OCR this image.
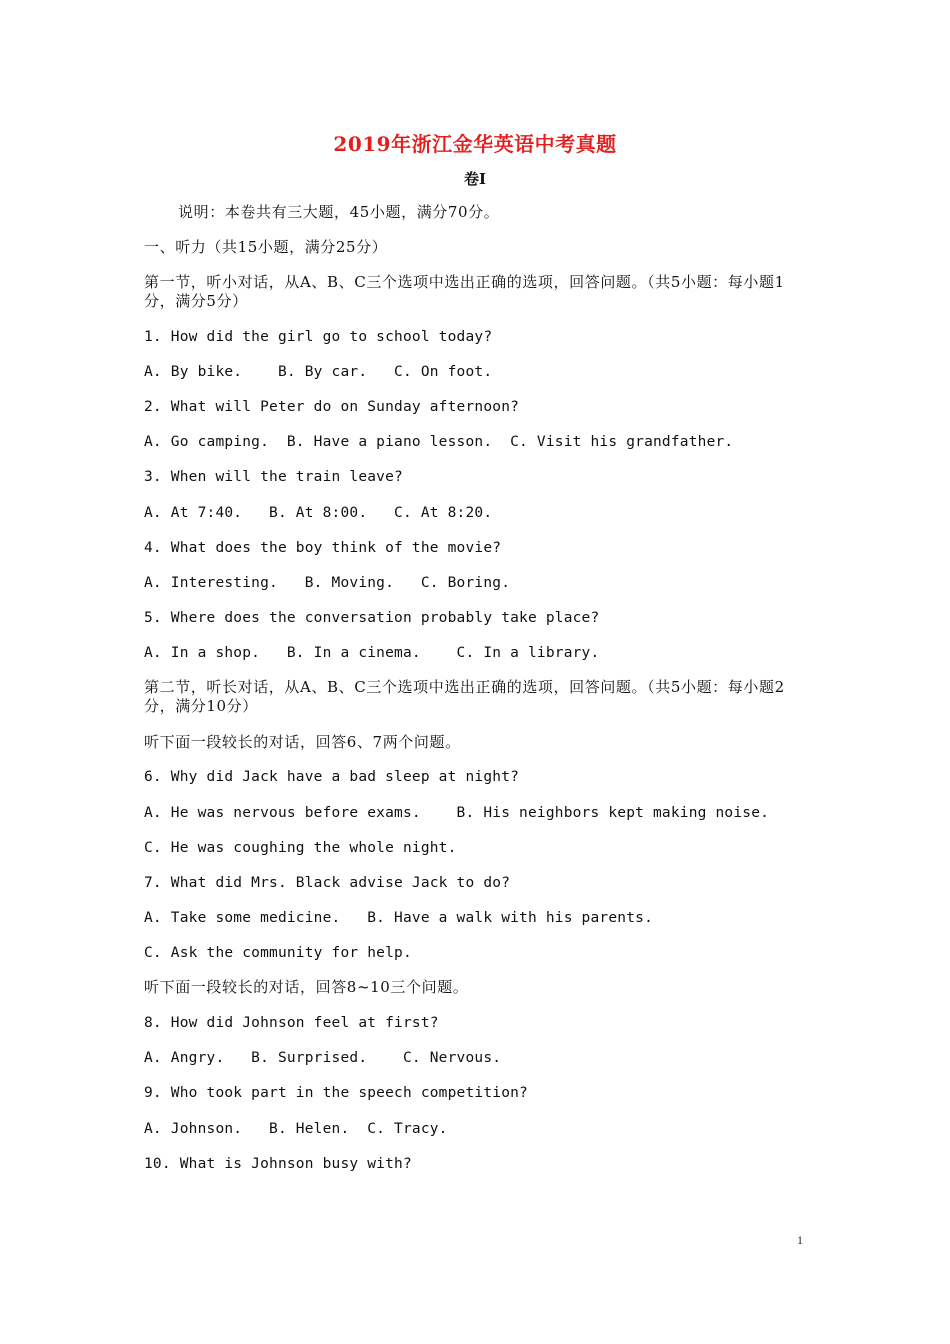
2019年浙江金华英语中考真题
卷Ⅰ
说明：本卷共有三大题，45小题，满分70分。
一、听力（共15小题，满分25分）
第一节，听小对话，从A、B、C三个选项中选出正确的选项，回答问题。（共5小题：每小题1分，满分5分）
1. How did the girl go to school today?
A. By bike.    B. By car.   C. On foot.
2. What will Peter do on Sunday afternoon?
A. Go camping.  B. Have a piano lesson.  C. Visit his grandfather.
3. When will the train leave?
A. At 7:40.   B. At 8:00.   C. At 8:20.
4. What does the boy think of the movie?
A. Interesting.   B. Moving.   C. Boring.
5. Where does the conversation probably take place?
A. In a shop.   B. In a cinema.    C. In a library.
第二节，听长对话，从A、B、C三个选项中选出正确的选项，回答问题。（共5小题：每小题2分，满分10分）
听下面一段较长的对话，回答6、7两个问题。
6. Why did Jack have a bad sleep at night?
A. He was nervous before exams.    B. His neighbors kept making noise.
C. He was coughing the whole night.
7. What did Mrs. Black advise Jack to do?
A. Take some medicine.   B. Have a walk with his parents.
C. Ask the community for help.
听下面一段较长的对话，回答8~10三个问题。
8. How did Johnson feel at first?
A. Angry.   B. Surprised.    C. Nervous.
9. Who took part in the speech competition?
A. Johnson.   B. Helen.  C. Tracy.
10. What is Johnson busy with?
1
